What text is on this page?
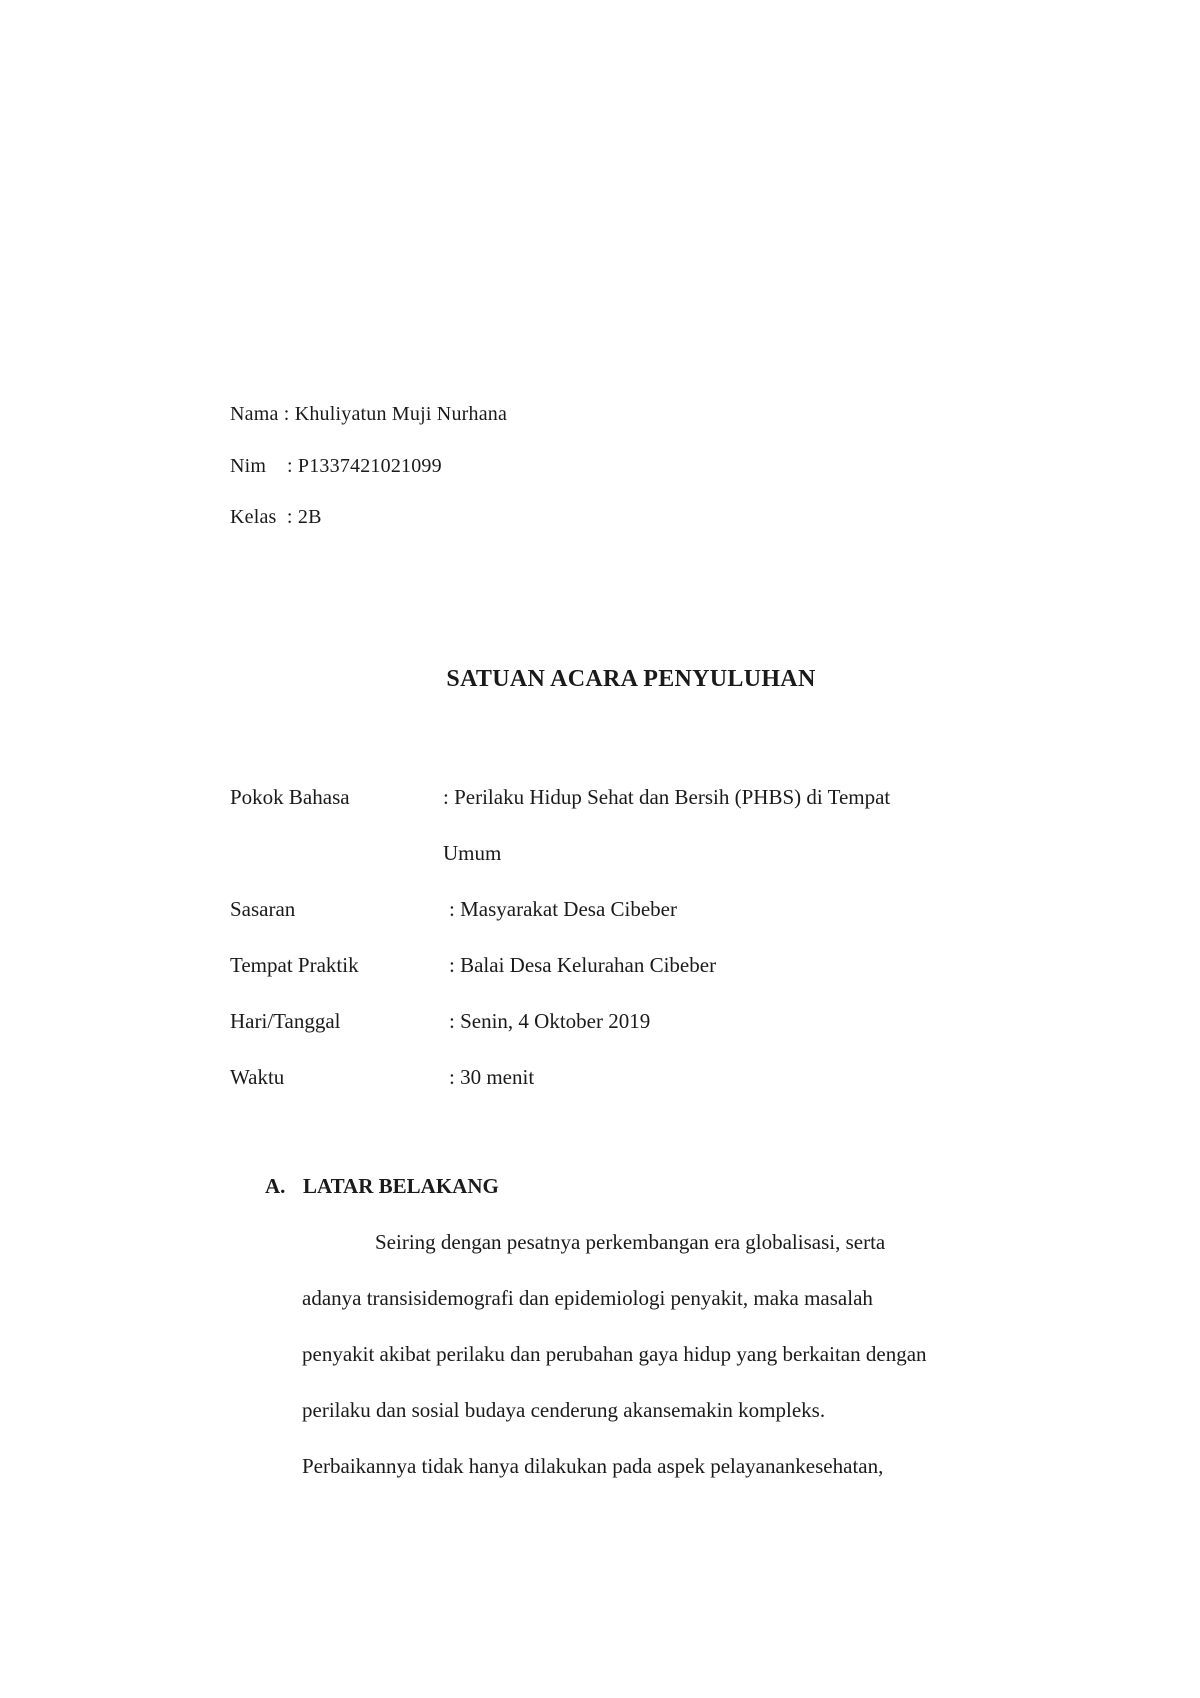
Nama : Khuliyatun Muji Nurhana
Nim    : P1337421021099
Kelas  : 2B
SATUAN ACARA PENYULUHAN
Pokok Bahasa	: Perilaku Hidup Sehat dan Bersih (PHBS) di Tempat
Umum
Sasaran	: Masyarakat Desa Cibeber
Tempat Praktik	: Balai Desa Kelurahan Cibeber
Hari/Tanggal	: Senin, 4 Oktober 2019
Waktu	: 30 menit
A. LATAR BELAKANG
Seiring dengan pesatnya perkembangan era globalisasi, serta
adanya transisidemografi dan epidemiologi penyakit, maka masalah
penyakit akibat perilaku dan perubahan gaya hidup yang berkaitan dengan
perilaku dan sosial budaya cenderung akansemakin kompleks.
Perbaikannya tidak hanya dilakukan pada aspek pelayanankesehatan,
